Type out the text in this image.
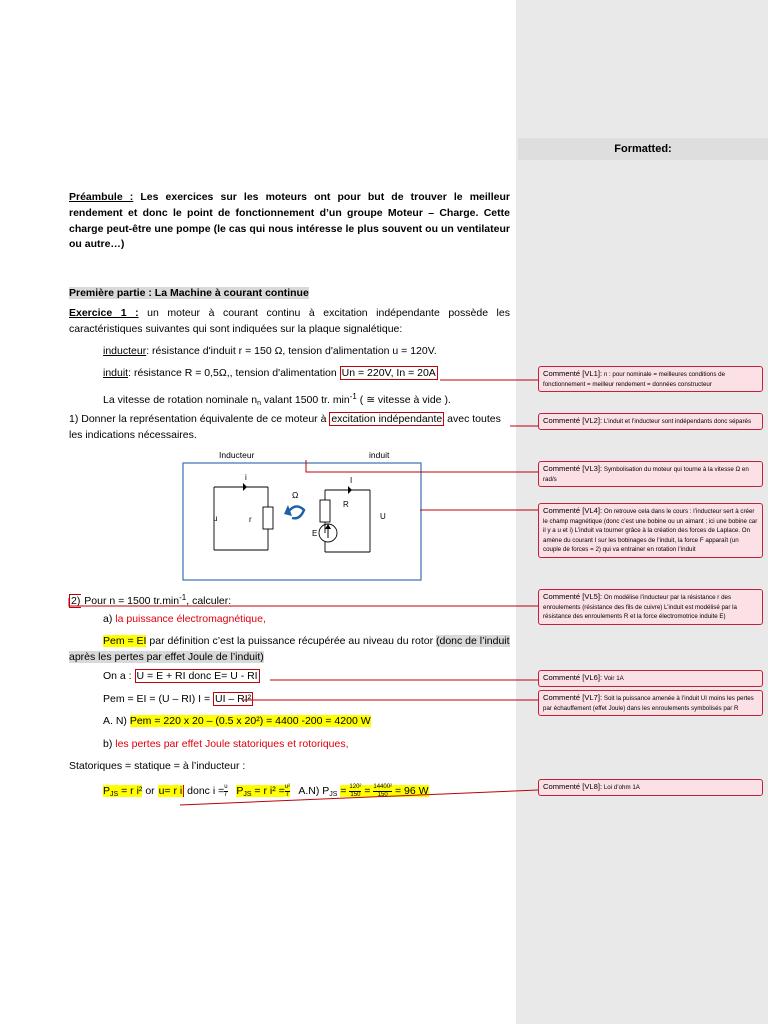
Formatted:
Préambule : Les exercices sur les moteurs ont pour but de trouver le meilleur rendement et donc le point de fonctionnement d’un groupe Moteur – Charge. Cette charge peut-être une pompe (le cas qui nous intéresse le plus souvent ou un ventilateur ou autre…)
Première partie : La Machine à courant continue
Exercice 1 : un moteur à courant continu à excitation indépendante possède les caractéristiques suivantes qui sont indiquées sur la plaque signalétique:
inducteur: résistance d'induit r = 150 Ω, tension d'alimentation u = 120V.
induit: résistance R = 0,5Ω,, tension d'alimentation Un = 220V, In = 20A
La vitesse de rotation nominale $n_n$ valant 1500 tr. $\min^{-1}$ ( ≅ vitesse à vide ).
1) Donner la représentation équivalente de ce moteur à excitation indépendante avec toutes les indications nécessaires.
Inducteur	induit
i
u	r
Ω
I
R
U
E
2) Pour n = 1500 $tr.\min^{-1}$, calculer:
a) la puissance électromagnétique,
Pem = EI par définition c’est la puissance récupérée au niveau du rotor (donc de l’induit après les pertes par effet Joule de l’induit)
On a : U = E + RI donc E= U - RI
Pem = EI = (U – RI) I = UI – RI²
A. N) Pem = 220 x 20 – (0.5 x 20²) = 4400 -200 = 4200 W
b) les pertes par effet Joule statoriques et rotoriques,
Statoriques = statique = à l’inducteur :
$P_{JS} = r$ i² or u= r i donc $i = \frac{u}{r} P_{JS} = r$ $i^2 = \frac{\text{u²}}{r} A.N$) $P_{JS} = \frac{\text{120²}}{150} = \frac{\text{14400²}}{150} = 96$ W
Commenté [VL1]: n : pour nominale = meilleures conditions de fonctionnement = meilleur rendement = données constructeur
Commenté [VL2]: L’induit et l’inducteur sont indépendants donc séparés
Commenté [VL3]: Symbolisation du moteur qui tourne à la vitesse Ω en rad/s
Commenté [VL4]: On retrouve cela dans le cours : l’inducteur sert à créer le champ magnétique (donc c’est une bobine ou un aimant ; ici une bobine car il y a u et i) L’induit va tourner grâce à la création des forces de Laplace. On amène du courant I sur les bobinages de l’induit, la force F apparaît (un couple de forces = 2) qui va entrainer en rotation l’induit
Commenté [VL5]: On modélise l’inducteur par la résistance r des enroulements (résistance des fils de cuivre) L’induit est modélisé par la résistance des enroulements R et la force électromotrice induite E)
Commenté [VL6]: Voir 1A
Commenté [VL7]: Soit la puissance amenée à l’induit UI moins les pertes par échauffement (effet Joule) dans les enroulements symbolisés par R
Commenté [VL8]: Loi d’ohm 1A
